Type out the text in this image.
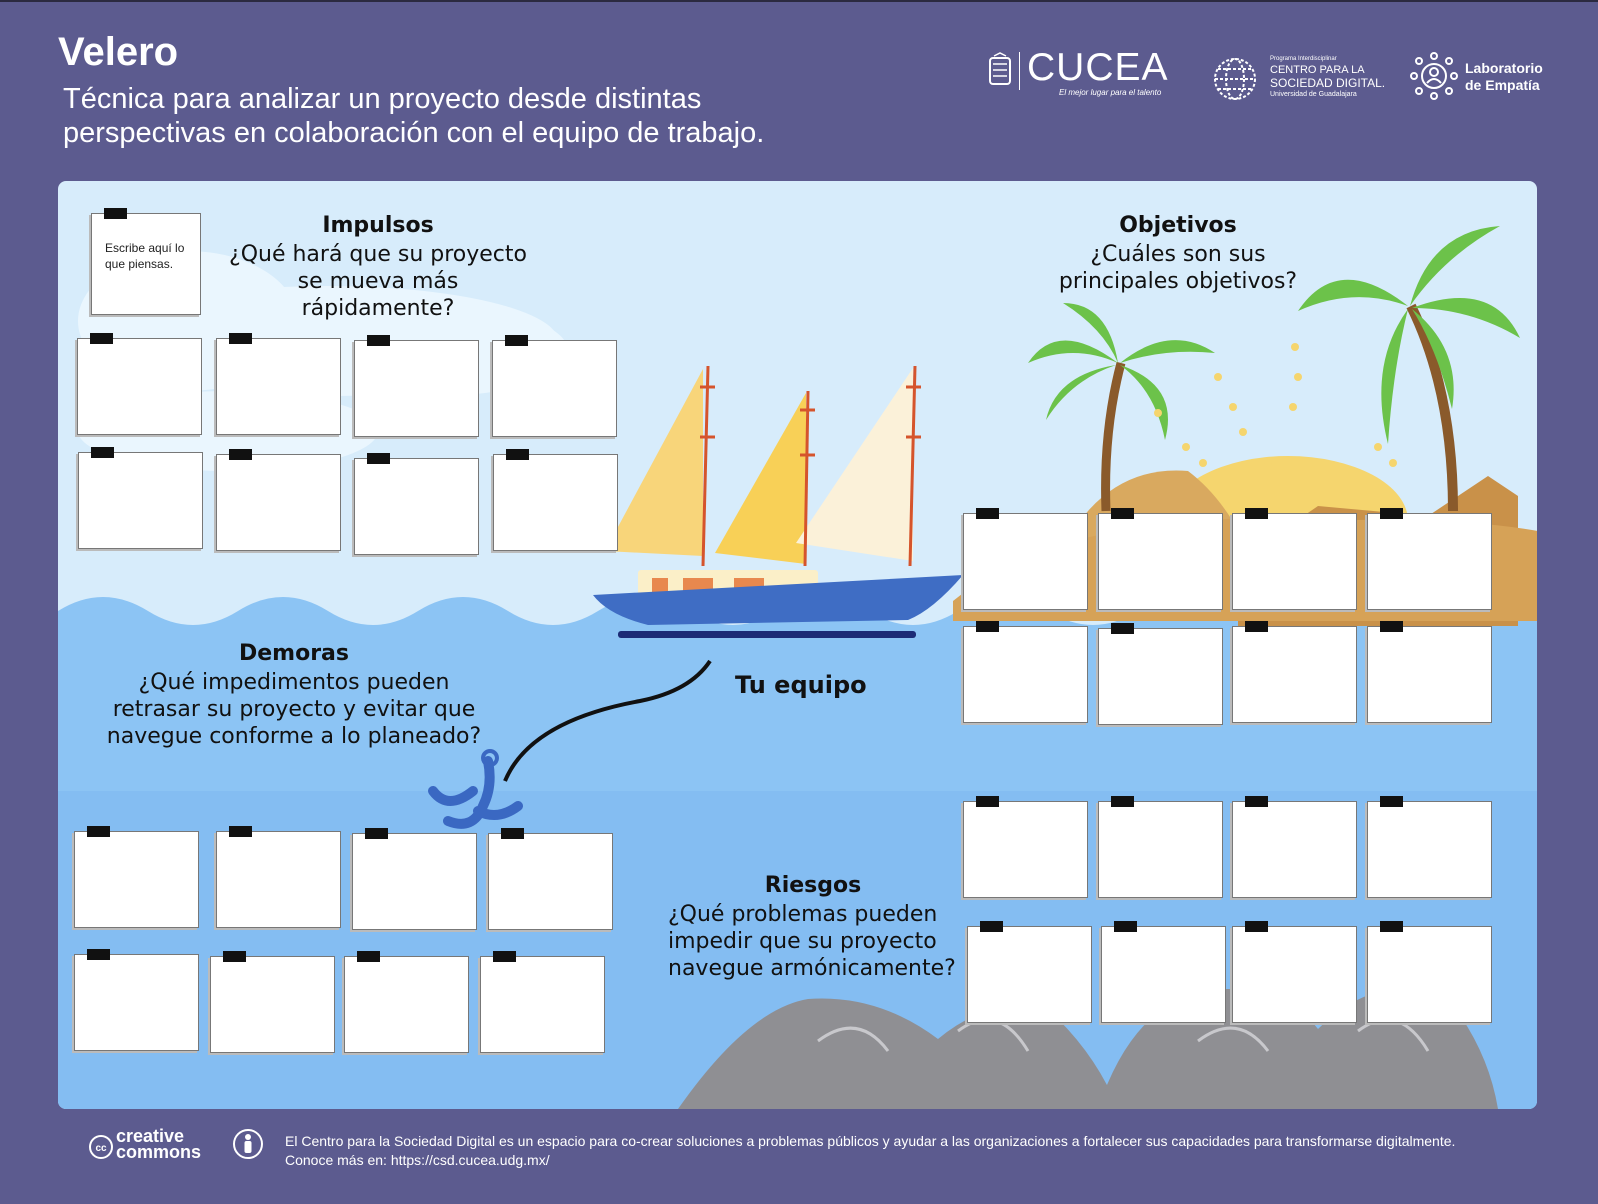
Velero
Técnica para analizar un proyecto desde distintas perspectivas en colaboración con el equipo de trabajo.
CUCEA
El mejor lugar para el talento
Programa Interdisciplinar
CENTRO PARA LA
SOCIEDAD DIGITAL.
Universidad de Guadalajara
Laboratorio
de Empatía
Impulsos
¿Qué hará que su proyecto se mueva más rápidamente?
Objetivos
¿Cuáles son sus principales objetivos?
Demoras
¿Qué impedimentos pueden retrasar su proyecto y evitar que navegue conforme a lo planeado?
Riesgos
¿Qué problemas pueden impedir que su proyecto navegue armónicamente?
Escribe aquí lo que piensas.
Tu equipo
cc
creative
commons
El Centro para la Sociedad Digital es un espacio para co-crear soluciones a problemas públicos y ayudar a las organizaciones a fortalecer sus capacidades para transformarse digitalmente.
Conoce más en: https://csd.cucea.udg.mx/
